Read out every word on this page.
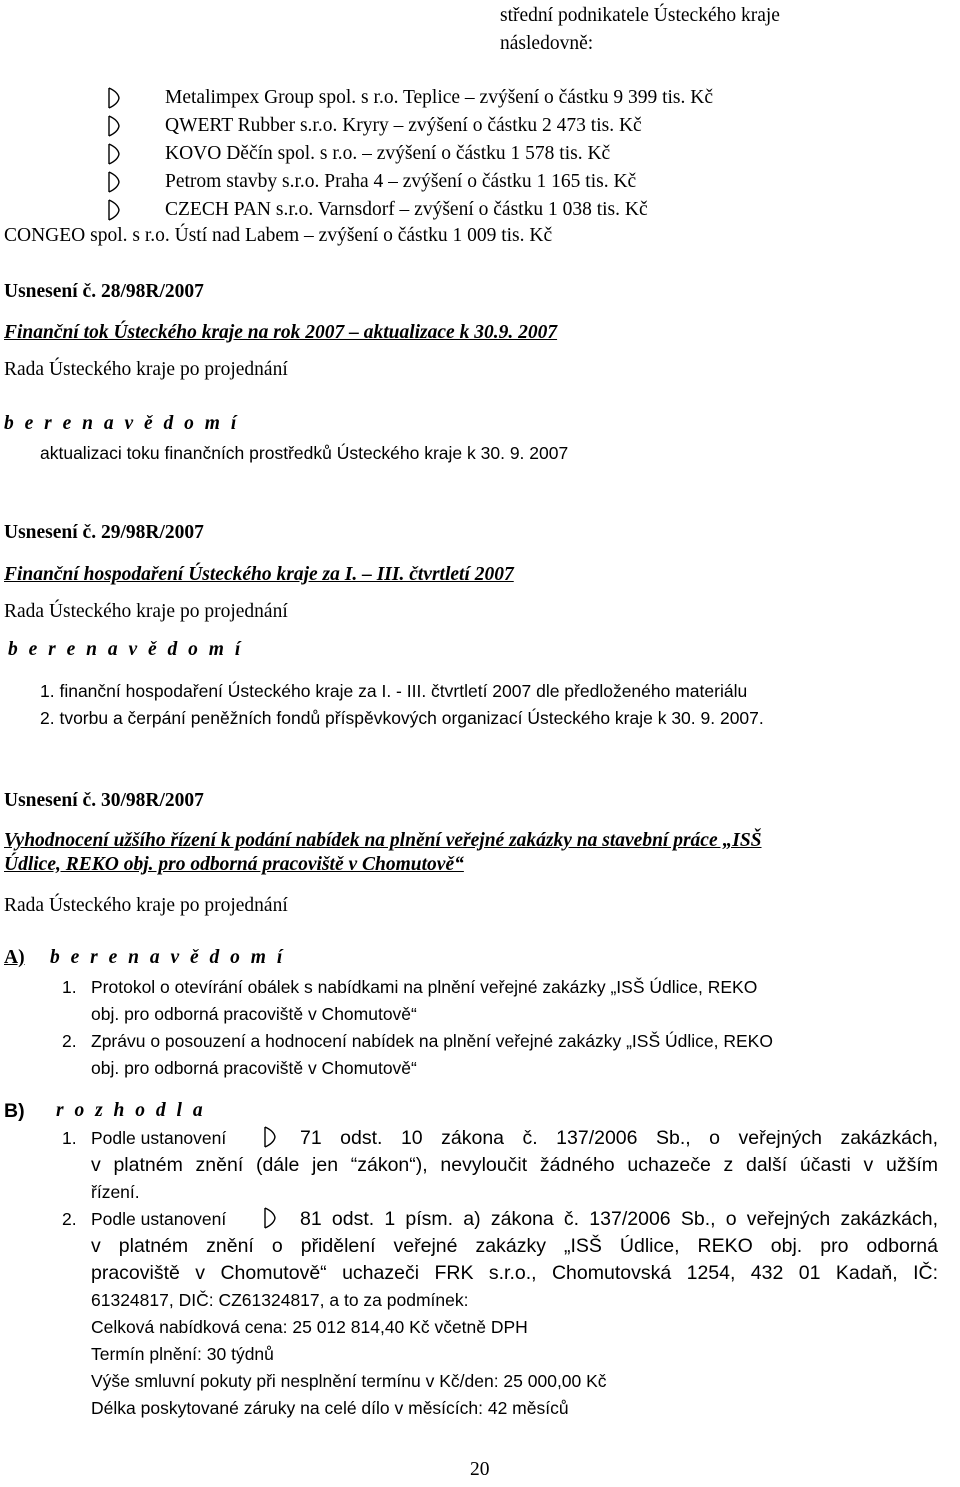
střední podnikatele Ústeckého kraje
následovně:
Metalimpex Group spol. s r.o. Teplice – zvýšení o částku 9 399 tis. Kč
QWERT Rubber s.r.o. Kryry – zvýšení o částku 2 473 tis. Kč
KOVO Děčín spol. s r.o. – zvýšení o částku 1 578 tis. Kč
Petrom stavby s.r.o. Praha 4 – zvýšení o částku 1 165 tis. Kč
CZECH PAN s.r.o. Varnsdorf – zvýšení o částku 1 038 tis. Kč
CONGEO spol. s r.o. Ústí nad Labem – zvýšení o částku 1 009 tis. Kč
Usnesení č. 28/98R/2007
Finanční tok Ústeckého kraje na rok 2007 – aktualizace k 30.9. 2007
Rada Ústeckého kraje po projednání
b e r e n a v ě d o m í
aktualizaci toku finančních prostředků Ústeckého kraje k 30. 9. 2007
Usnesení č. 29/98R/2007
Finanční hospodaření Ústeckého kraje za I. – III. čtvrtletí 2007
Rada Ústeckého kraje po projednání
b e r e n a v ě d o m í
1. finanční hospodaření Ústeckého kraje za I. - III. čtvrtletí 2007 dle předloženého materiálu
2. tvorbu a čerpání peněžních fondů příspěvkových organizací Ústeckého kraje k 30. 9. 2007.
Usnesení č. 30/98R/2007
Vyhodnocení užšího řízení k podání nabídek na plnění veřejné zakázky na stavební práce „ISŠ
Údlice, REKO obj. pro odborná pracoviště v Chomutově“
Rada Ústeckého kraje po projednání
A) b e r e n a v ě d o m í
1. Protokol o otevírání obálek s nabídkami na plnění veřejné zakázky „ISŠ Údlice, REKO
obj. pro odborná pracoviště v Chomutově“
2. Zprávu o posouzení a hodnocení nabídek na plnění veřejné zakázky „ISŠ Údlice, REKO
obj. pro odborná pracoviště v Chomutově“
B) r o z h o d l a
1. Podle ustanovení	71 odst. 10 zákona č. 137/2006 Sb., o veřejných zakázkách,
v platném znění (dále jen “zákon“), nevyloučit žádného uchazeče z další účasti v užším
řízení.
2. Podle ustanovení	81 odst. 1 písm. a) zákona č. 137/2006 Sb., o veřejných zakázkách,
v platném znění o přidělení veřejné zakázky „ISŠ Údlice, REKO obj. pro odborná
pracoviště v Chomutově“ uchazeči FRK s.r.o., Chomutovská 1254, 432 01 Kadaň, IČ:
61324817, DIČ: CZ61324817, a to za podmínek:
Celková nabídková cena: 25 012 814,40 Kč včetně DPH
Termín plnění: 30 týdnů
Výše smluvní pokuty při nesplnění termínu v Kč/den: 25 000,00 Kč
Délka poskytované záruky na celé dílo v měsících: 42 měsíců
20
